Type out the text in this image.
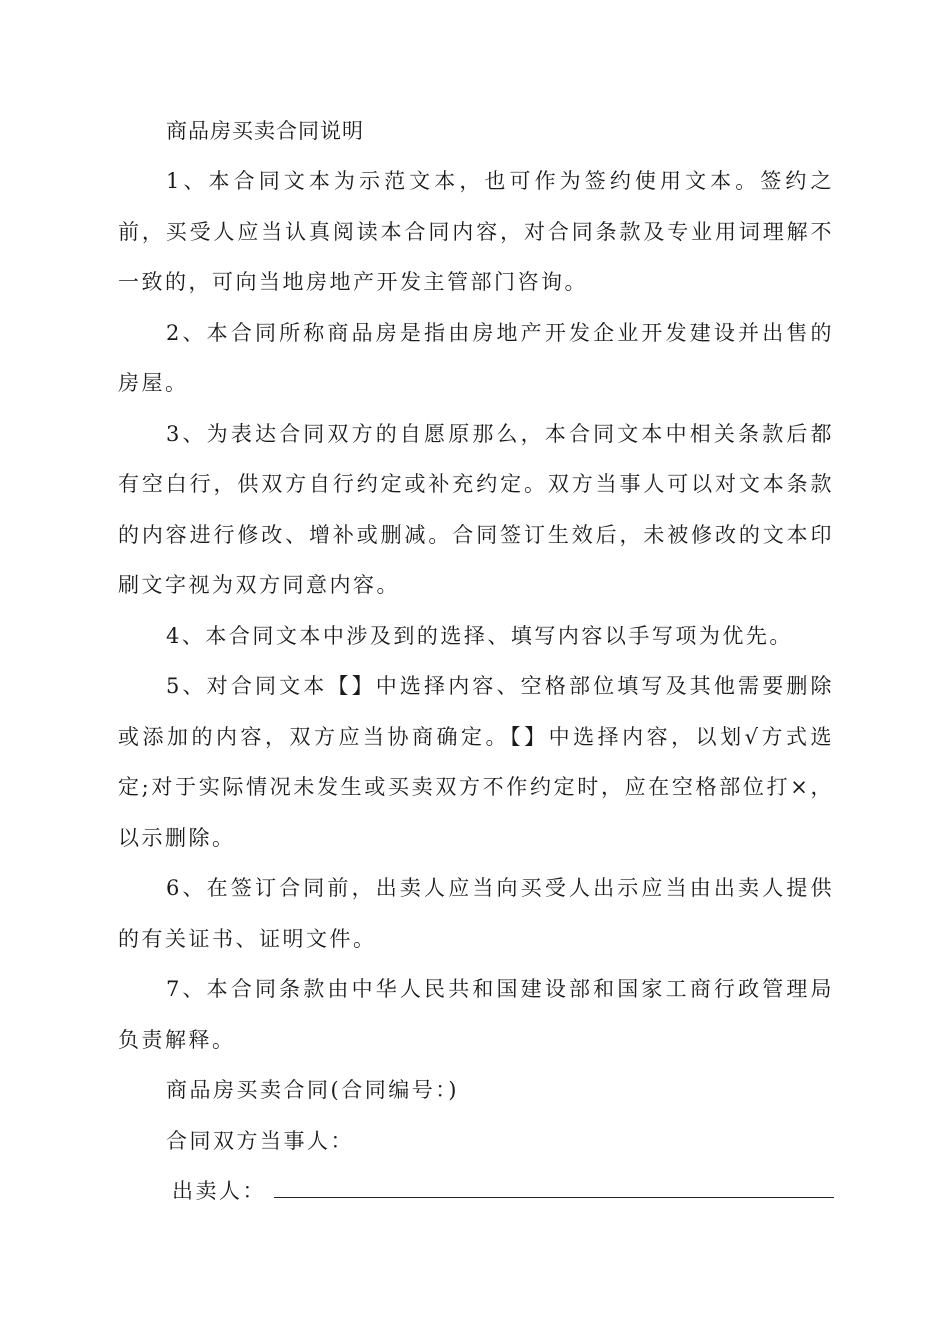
商品房买卖合同说明

1、本合同文本为示范文本，也可作为签约使用文本。签约之前，买受人应当认真阅读本合同内容，对合同条款及专业用词理解不一致的，可向当地房地产开发主管部门咨询。

2、本合同所称商品房是指由房地产开发企业开发建设并出售的房屋。

3、为表达合同双方的自愿原那么，本合同文本中相关条款后都有空白行，供双方自行约定或补充约定。双方当事人可以对文本条款的内容进行修改、增补或删减。合同签订生效后，未被修改的文本印刷文字视为双方同意内容。

4、本合同文本中涉及到的选择、填写内容以手写项为优先。

5、对合同文本【】中选择内容、空格部位填写及其他需要删除或添加的内容，双方应当协商确定。【】中选择内容，以划√方式选定;对于实际情况未发生或买卖双方不作约定时，应在空格部位打×，以示删除。

6、在签订合同前，出卖人应当向买受人出示应当由出卖人提供的有关证书、证明文件。

7、本合同条款由中华人民共和国建设部和国家工商行政管理局负责解释。

商品房买卖合同(合同编号：)
合同双方当事人：
出卖人：
